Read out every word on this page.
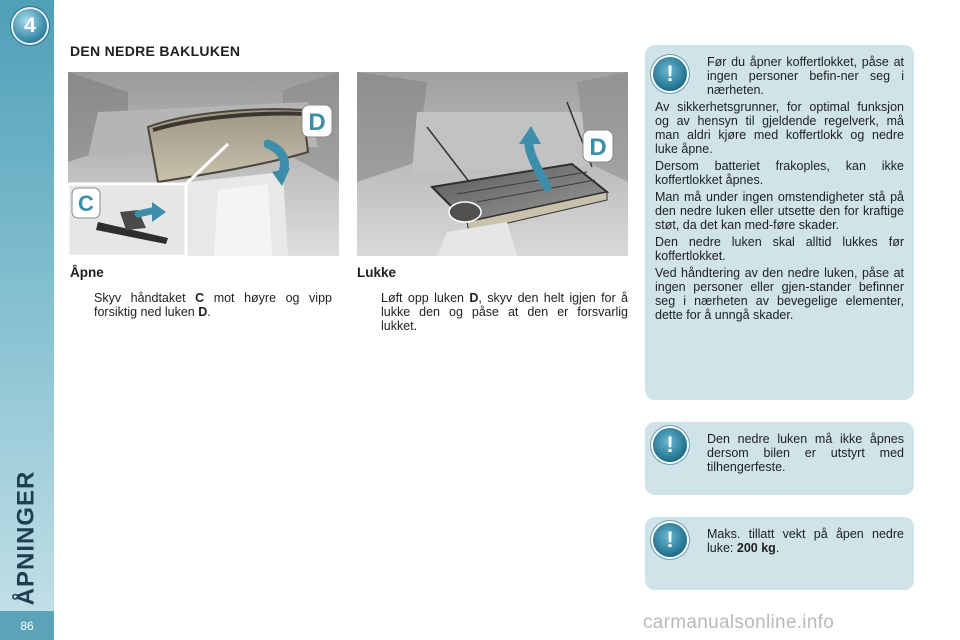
4
ÅPNINGER
86
DEN NEDRE BAKLUKEN
D
C
D
Åpne
Skyv håndtaket C mot høyre og vipp forsiktig ned luken D.
Lukke
Løft opp luken D, skyv den helt igjen for å lukke den og påse at den er forsvarlig lukket.
!	Før du åpner koffertlokket, påse at ingen personer befin-ner seg i nærheten.

Av sikkerhetsgrunner, for optimal funksjon og av hensyn til gjeldende regelverk, må man aldri kjøre med koffertlokk og nedre luke åpne.

Dersom batteriet frakoples, kan ikke koffertlokket åpnes.

Man må under ingen omstendigheter stå på den nedre luken eller utsette den for kraftige støt, da det kan med-føre skader.

Den nedre luken skal alltid lukkes før koffertlokket.

Ved håndtering av den nedre luken, påse at ingen personer eller gjen-stander befinner seg i nærheten av bevegelige elementer, dette for å unngå skader.

!	Den nedre luken må ikke åpnes dersom bilen er utstyrt med tilhengerfeste.

!	Maks. tillatt vekt på åpen nedre luke: 200 kg.

carmanualsonline.info
